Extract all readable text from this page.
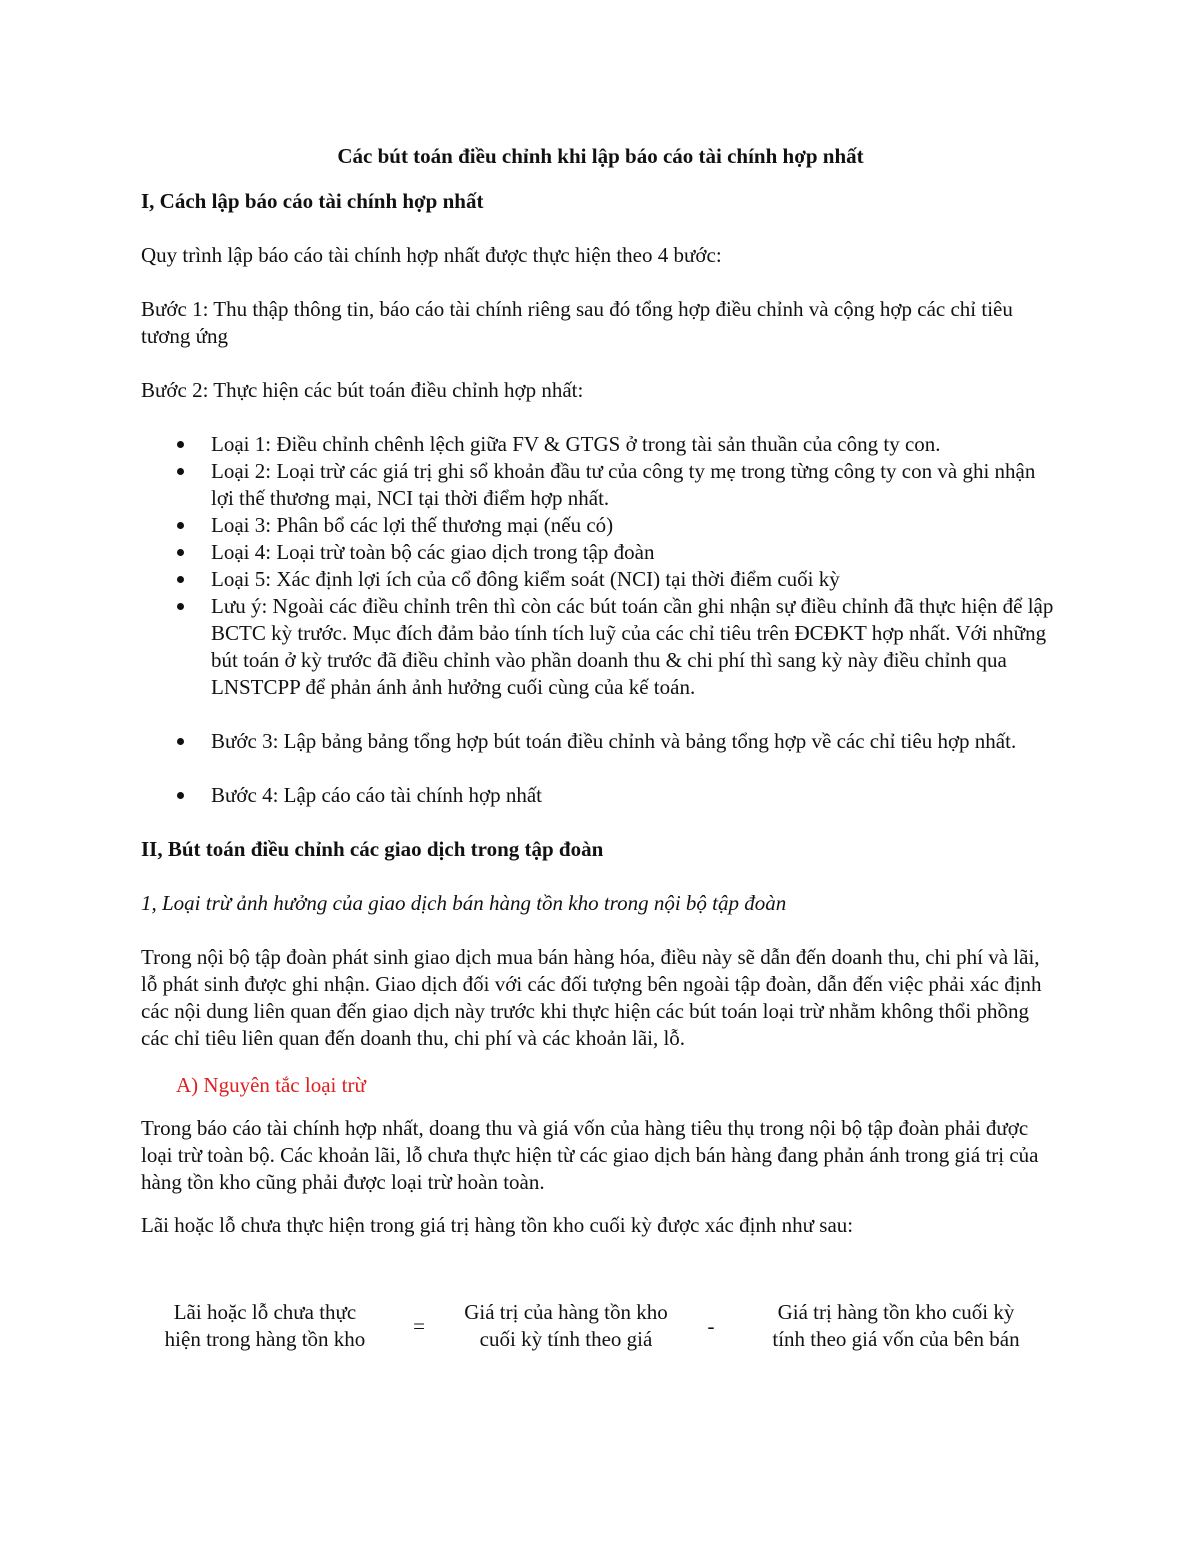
Các bút toán điều chỉnh khi lập báo cáo tài chính hợp nhất

I, Cách lập báo cáo tài chính hợp nhất

Quy trình lập báo cáo tài chính hợp nhất được thực hiện theo 4 bước:

Bước 1: Thu thập thông tin, báo cáo tài chính riêng sau đó tổng hợp điều chỉnh và cộng hợp các chỉ tiêu tương ứng

Bước 2: Thực hiện các bút toán điều chỉnh hợp nhất:

Loại 1: Điều chỉnh chênh lệch giữa FV & GTGS ở trong tài sản thuần của công ty con.
Loại 2: Loại trừ các giá trị ghi sổ khoản đầu tư của công ty mẹ trong từng công ty con và ghi nhận lợi thế thương mại, NCI tại thời điểm hợp nhất.
Loại 3: Phân bổ các lợi thế thương mại (nếu có)
Loại 4: Loại trừ toàn bộ các giao dịch trong tập đoàn
Loại 5: Xác định lợi ích của cổ đông kiểm soát (NCI) tại thời điểm cuối kỳ
Lưu ý: Ngoài các điều chỉnh trên thì còn các bút toán cần ghi nhận sự điều chỉnh đã thực hiện để lập BCTC kỳ trước. Mục đích đảm bảo tính tích luỹ của các chỉ tiêu trên ĐCĐKT hợp nhất. Với những bút toán ở kỳ trước đã điều chỉnh vào phần doanh thu & chi phí thì sang kỳ này điều chỉnh qua LNSTCPP để phản ánh ảnh hưởng cuối cùng của kế toán.
Bước 3: Lập bảng bảng tổng hợp bút toán điều chỉnh và bảng tổng hợp về các chỉ tiêu hợp nhất.
Bước 4: Lập cáo cáo tài chính hợp nhất

II, Bút toán điều chỉnh các giao dịch trong tập đoàn

1, Loại trừ ảnh hưởng của giao dịch bán hàng tồn kho trong nội bộ tập đoàn

Trong nội bộ tập đoàn phát sinh giao dịch mua bán hàng hóa, điều này sẽ dẫn đến doanh thu, chi phí và lãi, lỗ phát sinh được ghi nhận. Giao dịch đối với các đối tượng bên ngoài tập đoàn, dẫn đến việc phải xác định các nội dung liên quan đến giao dịch này trước khi thực hiện các bút toán loại trừ nhằm không thổi phồng các chỉ tiêu liên quan đến doanh thu, chi phí và các khoản lãi, lỗ.

A) Nguyên tắc loại trừ

Trong báo cáo tài chính hợp nhất, doang thu và giá vốn của hàng tiêu thụ trong nội bộ tập đoàn phải được loại trừ toàn bộ. Các khoản lãi, lỗ chưa thực hiện từ các giao dịch bán hàng đang phản ánh trong giá trị của hàng tồn kho cũng phải được loại trừ hoàn toàn.

Lãi hoặc lỗ chưa thực hiện trong giá trị hàng tồn kho cuối kỳ được xác định như sau:

Lãi hoặc lỗ chưa thực
hiện trong hàng tồn kho
=
Giá trị của hàng tồn kho
cuối kỳ tính theo giá
-
Giá trị hàng tồn kho cuối kỳ
tính theo giá vốn của bên bán
